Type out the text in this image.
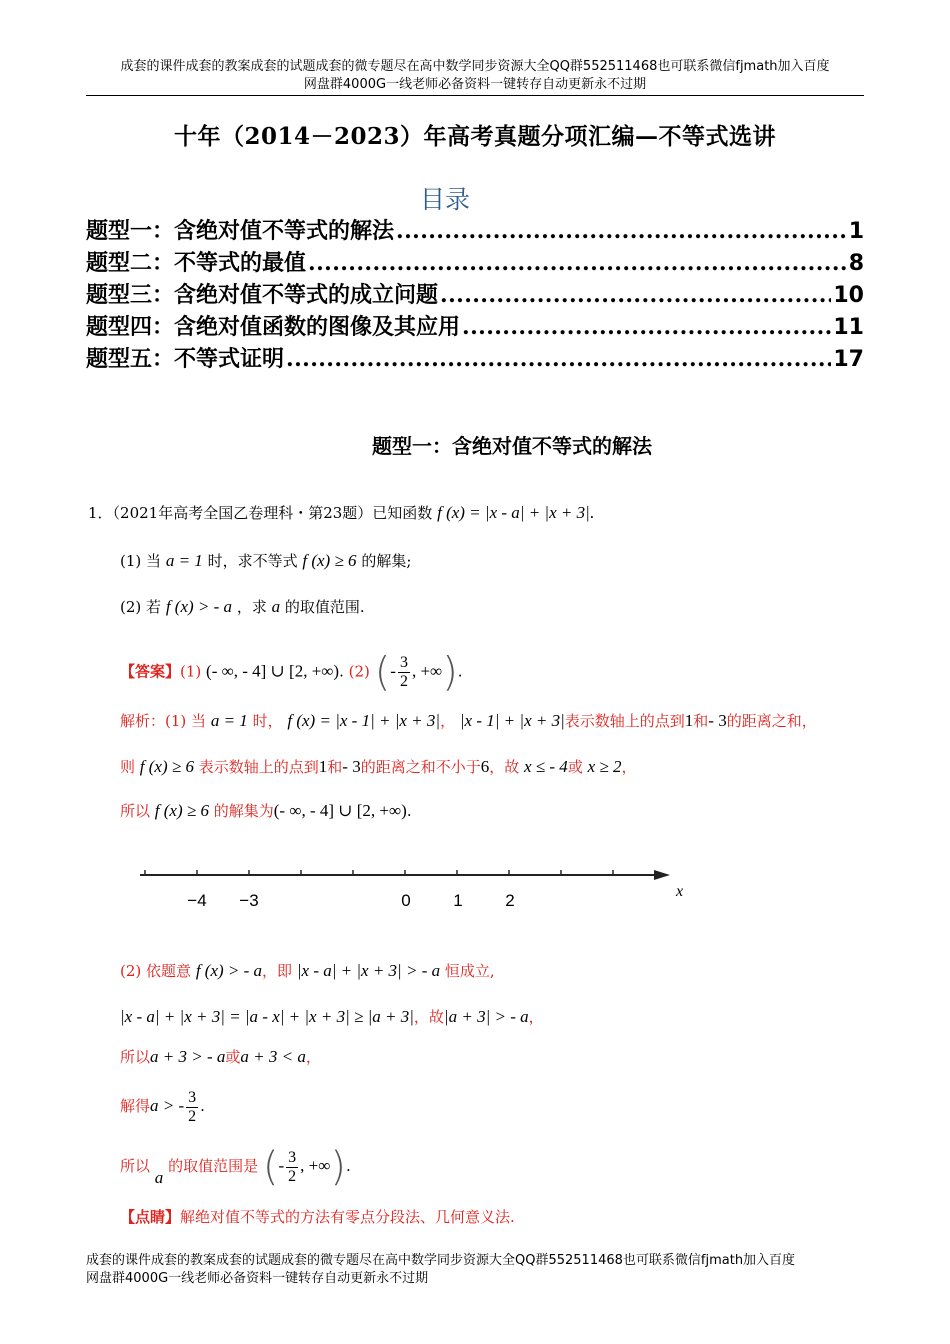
成套的课件成套的教案成套的试题成套的微专题尽在高中数学同步资源大全QQ群552511468也可联系微信fjmath加入百度
网盘群4000G一线老师必备资料一键转存自动更新永不过期
十年（2014－2023）年高考真题分项汇编—不等式选讲
目录
题型一：含绝对值不等式的解法 .....	1
题型二：不等式的最值 .....	8
题型三：含绝对值不等式的成立问题 .....	10
题型四：含绝对值函数的图像及其应用 .....	11
题型五：不等式证明 .....	17
题型一：含绝对值不等式的解法
1．（2021年高考全国乙卷理科・第23题）已知函数 f (x) = |x - a| + |x + 3|.
(1) 当 a = 1 时，求不等式 f (x) ≥ 6 的解集;
(2) 若 f (x) > - a ，求 a 的取值范围.
【答案】(1) (- ∞, - 4] ∪ [2, +∞). (2) (- $\frac{3}{2}$ , +∞).
解析：(1) 当 a = 1 时， f (x) = |x - 1| + |x + 3|， |x - 1| + |x + 3|表示数轴上的点到1和- 3的距离之和，
则 f (x) ≥ 6 表示数轴上的点到1和- 3的距离之和不小于6，故 x ≤ - 4或 x ≥ 2，
所以 f (x) ≥ 6 的解集为(- ∞, - 4] ∪ [2, +∞).
x
−4 −3	0	1	2
(2) 依题意 f (x) > - a，即 |x - a| + |x + 3| > - a 恒成立,
|x - a| + |x + 3| = |a - x| + |x + 3| ≥ |a + 3|，故|a + 3| > - a，
所以a + 3 > - a或a + 3 < a，
解得a > - $\frac{3}{2}$ .
所以 a 的取值范围是 (- $\frac{3}{2}$ , +∞).
【点睛】解绝对值不等式的方法有零点分段法、几何意义法.
成套的课件成套的教案成套的试题成套的微专题尽在高中数学同步资源大全QQ群552511468也可联系微信fjmath加入百度
网盘群4000G一线老师必备资料一键转存自动更新永不过期
